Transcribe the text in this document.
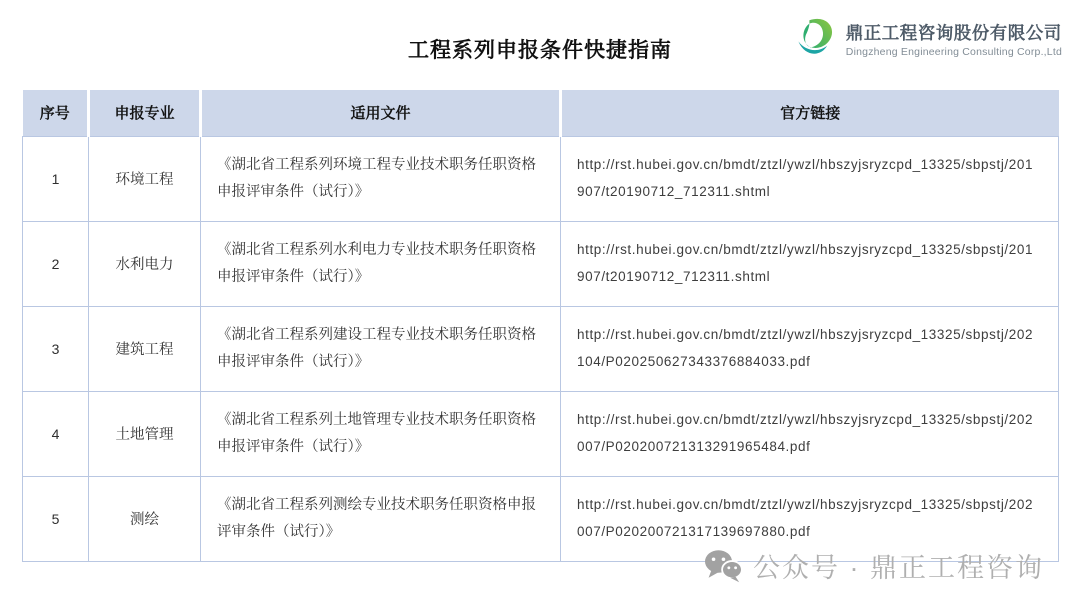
工程系列申报条件快捷指南
鼎正工程咨询股份有限公司
Dingzheng Engineering Consulting Corp.,Ltd
序号	申报专业	适用文件	官方链接
1	环境工程	《湖北省工程系列环境工程专业技术职务任职资格申报评审条件（试行）》	http://rst.hubei.gov.cn/bmdt/ztzl/ywzl/hbszyjsryzcpd_13325/sbpstj/201907/t20190712_712311.shtml
2	水利电力	《湖北省工程系列水利电力专业技术职务任职资格申报评审条件（试行）》	http://rst.hubei.gov.cn/bmdt/ztzl/ywzl/hbszyjsryzcpd_13325/sbpstj/201907/t20190712_712311.shtml
3	建筑工程	《湖北省工程系列建设工程专业技术职务任职资格申报评审条件（试行）》	http://rst.hubei.gov.cn/bmdt/ztzl/ywzl/hbszyjsryzcpd_13325/sbpstj/202104/P020250627343376884033.pdf
4	土地管理	《湖北省工程系列土地管理专业技术职务任职资格申报评审条件（试行）》	http://rst.hubei.gov.cn/bmdt/ztzl/ywzl/hbszyjsryzcpd_13325/sbpstj/202007/P020200721313291965484.pdf
5	测绘	《湖北省工程系列测绘专业技术职务任职资格申报评审条件（试行）》	http://rst.hubei.gov.cn/bmdt/ztzl/ywzl/hbszyjsryzcpd_13325/sbpstj/202007/P020200721317139697880.pdf
公众号 · 鼎正工程咨询
